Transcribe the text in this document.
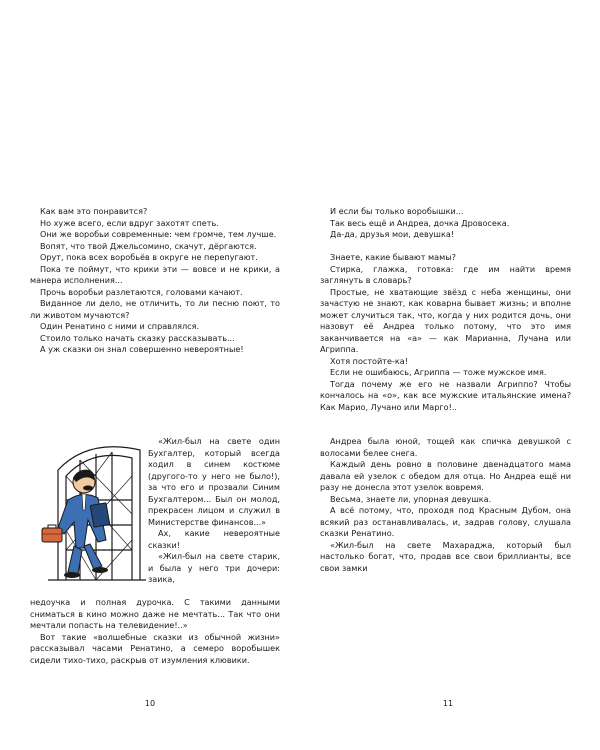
Как вам это понравится?

Но хуже всего, если вдруг захотят спеть.

Они же воробьи современные: чем громче, тем лучше.

Вопят, что твой Джельсомино, скачут, дёргаются.

Орут, пока всех воробьёв в округе не перепугают.

Пока те поймут, что крики эти — вовсе и не крики, а манера исполнения...

Прочь воробьи разлетаются, головами качают.

Виданное ли дело, не отличить, то ли песню поют, то ли животом мучаются?

Один Ренатино с ними и справлялся.

Стоило только начать сказку рассказывать...

А уж сказки он знал совершенно невероятные!

«Жил-был на свете один Бухгалтер, который всегда ходил в синем костюме (другого-то у него не было!), за что его и прозвали Синим Бухгалтером... Был он молод, прекрасен лицом и служил в Министерстве финансов...»

Ах, какие невероятные сказки!

«Жил-был на свете старик, и была у него три дочери: заика,

недоучка и полная дурочка. С такими данными сниматься в кино можно даже не мечтать... Так что они мечтали попасть на телевидение!..»

Вот такие «волшебные сказки из обычной жизни» рассказывал часами Ренатино, а семеро воробышек сидели тихо-тихо, раскрыв от изумления клювики.

10

И если бы только воробышки...

Так весь ещё и Андреа, дочка Дровосека.

Да-да, друзья мои, девушка!

Знаете, какие бывают мамы?

Стирка, глажка, готовка: где им найти время заглянуть в словарь?

Простые, не хватающие звёзд с неба женщины, они зачастую не знают, как коварна бывает жизнь; и вполне может случиться так, что, когда у них родится дочь, они назовут её Андреа только потому, что это имя заканчивается на «а» — как Марианна, Лучана или Агриппа.

Хотя постойте-ка!

Если не ошибаюсь, Агриппа — тоже мужское имя.

Тогда почему же его не назвали Агриппо? Чтобы кончалось на «о», как все мужские итальянские имена? Как Марио, Лучано или Марго!..

Андреа была юной, тощей как спичка девушкой с волосами белее снега.

Каждый день ровно в половине двенадцатого мама давала ей узелок с обедом для отца. Но Андреа ещё ни разу не донесла этот узелок вовремя.

Весьма, знаете ли, упорная девушка.

А всё потому, что, проходя под Красным Дубом, она всякий раз останавливалась, и, задрав голову, слушала сказки Ренатино.

«Жил-был на свете Махараджа, который был настолько богат, что, продав все свои бриллианты, все свои замки

11
